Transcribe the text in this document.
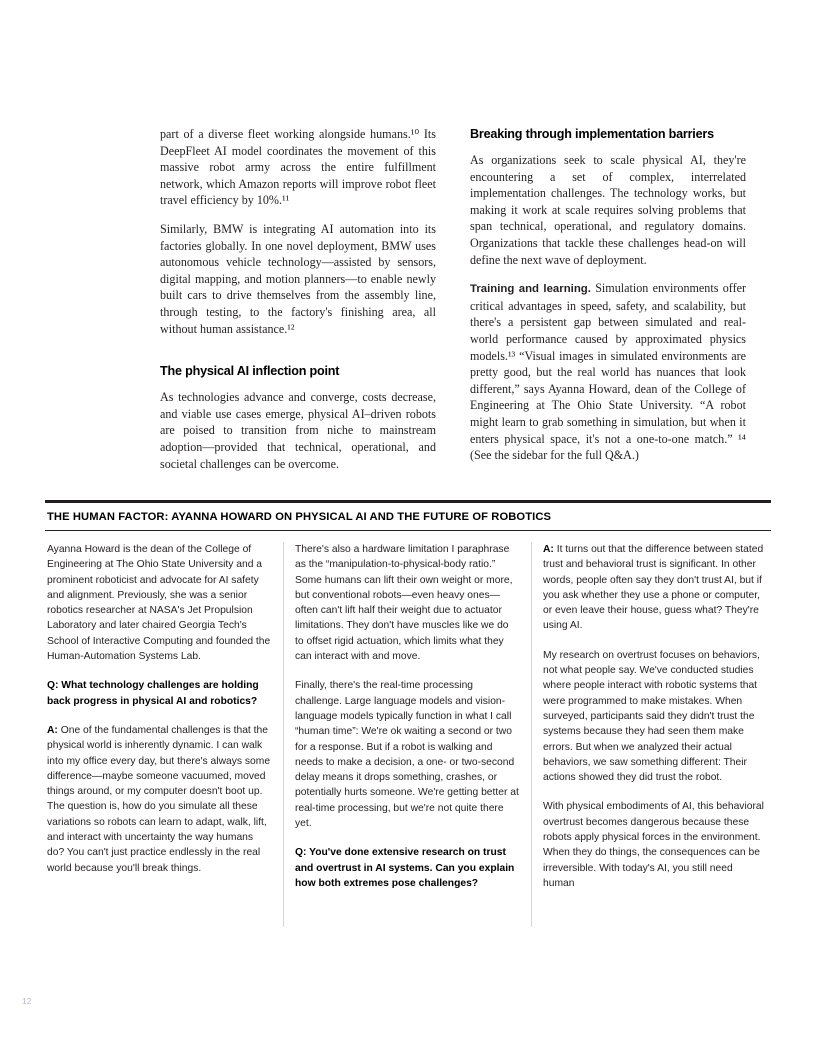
part of a diverse fleet working alongside humans.¹⁰ Its DeepFleet AI model coordinates the movement of this massive robot army across the entire fulfillment network, which Amazon reports will improve robot fleet travel efficiency by 10%.¹¹

Similarly, BMW is integrating AI automation into its factories globally. In one novel deployment, BMW uses autonomous vehicle technology—assisted by sensors, digital mapping, and motion planners—to enable newly built cars to drive themselves from the assembly line, through testing, to the factory's finishing area, all without human assistance.¹²

The physical AI inflection point

As technologies advance and converge, costs decrease, and viable use cases emerge, physical AI–driven robots are poised to transition from niche to mainstream adoption—provided that technical, operational, and societal challenges can be overcome.

Breaking through implementation barriers

As organizations seek to scale physical AI, they're encountering a set of complex, interrelated implementation challenges. The technology works, but making it work at scale requires solving problems that span technical, operational, and regulatory domains. Organizations that tackle these challenges head-on will define the next wave of deployment.

Training and learning. Simulation environments offer critical advantages in speed, safety, and scalability, but there's a persistent gap between simulated and real-world performance caused by approximated physics models.¹³ “Visual images in simulated environments are pretty good, but the real world has nuances that look different,” says Ayanna Howard, dean of the College of Engineering at The Ohio State University. “A robot might learn to grab something in simulation, but when it enters physical space, it's not a one-to-one match.” ¹⁴ (See the sidebar for the full Q&A.)

THE HUMAN FACTOR: AYANNA HOWARD ON PHYSICAL AI AND THE FUTURE OF ROBOTICS

Ayanna Howard is the dean of the College of Engineering at The Ohio State University and a prominent roboticist and advocate for AI safety and alignment. Previously, she was a senior robotics researcher at NASA's Jet Propulsion Laboratory and later chaired Georgia Tech's School of Interactive Computing and founded the Human-Automation Systems Lab.

Q: What technology challenges are holding back progress in physical AI and robotics?

A: One of the fundamental challenges is that the physical world is inherently dynamic. I can walk into my office every day, but there's always some difference—maybe someone vacuumed, moved things around, or my computer doesn't boot up. The question is, how do you simulate all these variations so robots can learn to adapt, walk, lift, and interact with uncertainty the way humans do? You can't just practice endlessly in the real world because you'll break things.

There's also a hardware limitation I paraphrase as the “manipulation-to-physical-body ratio.” Some humans can lift their own weight or more, but conventional robots—even heavy ones—often can't lift half their weight due to actuator limitations. They don't have muscles like we do to offset rigid actuation, which limits what they can interact with and move.

Finally, there's the real-time processing challenge. Large language models and vision-language models typically function in what I call “human time”: We're ok waiting a second or two for a response. But if a robot is walking and needs to make a decision, a one- or two-second delay means it drops something, crashes, or potentially hurts someone. We're getting better at real-time processing, but we're not quite there yet.

Q: You've done extensive research on trust and overtrust in AI systems. Can you explain how both extremes pose challenges?

A: It turns out that the difference between stated trust and behavioral trust is significant. In other words, people often say they don't trust AI, but if you ask whether they use a phone or computer, or even leave their house, guess what? They're using AI.

My research on overtrust focuses on behaviors, not what people say. We've conducted studies where people interact with robotic systems that were programmed to make mistakes. When surveyed, participants said they didn't trust the systems because they had seen them make errors. But when we analyzed their actual behaviors, we saw something different: Their actions showed they did trust the robot.

With physical embodiments of AI, this behavioral overtrust becomes dangerous because these robots apply physical forces in the environment. When they do things, the consequences can be irreversible. With today's AI, you still need human

12
